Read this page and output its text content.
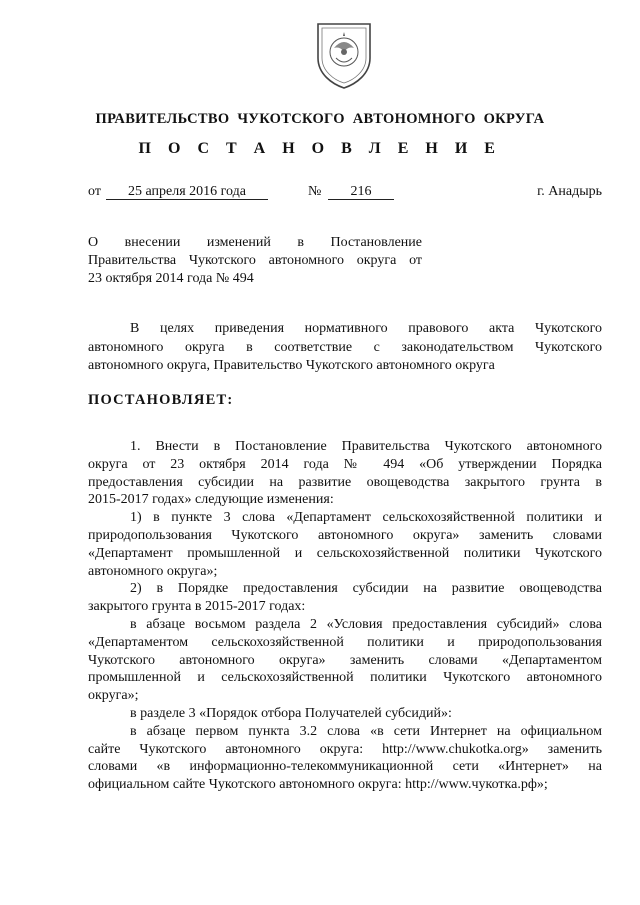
ПРАВИТЕЛЬСТВО ЧУКОТСКОГО АВТОНОМНОГО ОКРУГА
П О С Т А Н О В Л Е Н И Е
от	25 апреля 2016 года	№	216	г. Анадырь
О внесении изменений в Постановление
Правительства Чукотского автономного округа от
23 октября 2014 года № 494
В целях приведения нормативного правового акта Чукотского
автономного округа в соответствие с законодательством Чукотского
автономного округа, Правительство Чукотского автономного округа
ПОСТАНОВЛЯЕТ:
1. Внести в Постановление Правительства Чукотского автономного
округа от 23 октября 2014 года № 494 «Об утверждении Порядка
предоставления субсидии на развитие овощеводства закрытого грунта в
2015-2017 годах» следующие изменения:
1) в пункте 3 слова «Департамент сельскохозяйственной политики и
природопользования Чукотского автономного округа» заменить словами
«Департамент промышленной и сельскохозяйственной политики Чукотского
автономного округа»;
2) в Порядке предоставления субсидии на развитие овощеводства
закрытого грунта в 2015-2017 годах:
в абзаце восьмом раздела 2 «Условия предоставления субсидий» слова
«Департаментом сельскохозяйственной политики и природопользования
Чукотского автономного округа» заменить словами «Департаментом
промышленной и сельскохозяйственной политики Чукотского автономного
округа»;
в разделе 3 «Порядок отбора Получателей субсидий»:
в абзаце первом пункта 3.2 слова «в сети Интернет на официальном
сайте Чукотского автономного округа: http://www.chukotka.org» заменить
словами «в информационно-телекоммуникационной сети «Интернет» на
официальном сайте Чукотского автономного округа: http://www.чукотка.рф»;
